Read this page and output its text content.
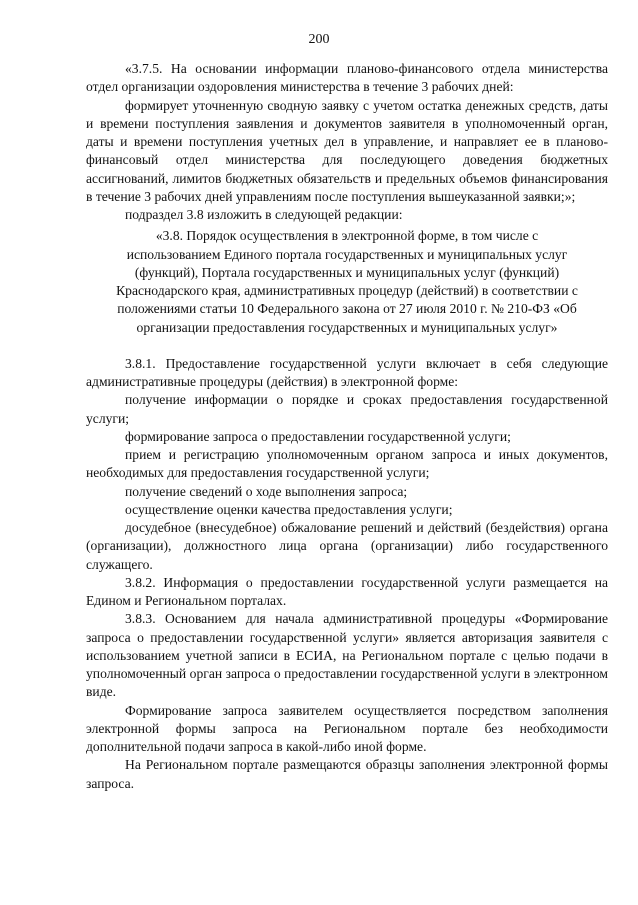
200

«3.7.5. На основании информации планово-финансового отдела министерства отдел организации оздоровления министерства в течение 3 рабочих дней:

формирует уточненную сводную заявку с учетом остатка денежных средств, даты и времени поступления заявления и документов заявителя в уполномоченный орган, даты и времени поступления учетных дел в управление, и направляет ее в планово-финансовый отдел министерства для последующего доведения бюджетных ассигнований, лимитов бюджетных обязательств и предельных объемов финансирования в течение 3 рабочих дней управлениям после поступления вышеуказанной заявки;»;

подраздел 3.8 изложить в следующей редакции:

«3.8. Порядок осуществления в электронной форме, в том числе с использованием Единого портала государственных и муниципальных услуг (функций), Портала государственных и муниципальных услуг (функций) Краснодарского края, административных процедур (действий) в соответствии с положениями статьи 10 Федерального закона от 27 июля 2010 г. № 210-ФЗ «Об организации предоставления государственных и муниципальных услуг»

3.8.1. Предоставление государственной услуги включает в себя следующие административные процедуры (действия) в электронной форме:

получение информации о порядке и сроках предоставления государственной услуги;

формирование запроса о предоставлении государственной услуги;

прием и регистрацию уполномоченным органом запроса и иных документов, необходимых для предоставления государственной услуги;

получение сведений о ходе выполнения запроса;

осуществление оценки качества предоставления услуги;

досудебное (внесудебное) обжалование решений и действий (бездействия) органа (организации), должностного лица органа (организации) либо государственного служащего.

3.8.2. Информация о предоставлении государственной услуги размещается на Едином и Региональном порталах.

3.8.3. Основанием для начала административной процедуры «Формирование запроса о предоставлении государственной услуги» является авторизация заявителя с использованием учетной записи в ЕСИА, на Региональном портале с целью подачи в уполномоченный орган запроса о предоставлении государственной услуги в электронном виде.

Формирование запроса заявителем осуществляется посредством заполнения электронной формы запроса на Региональном портале без необходимости дополнительной подачи запроса в какой-либо иной форме.

На Региональном портале размещаются образцы заполнения электронной формы запроса.
